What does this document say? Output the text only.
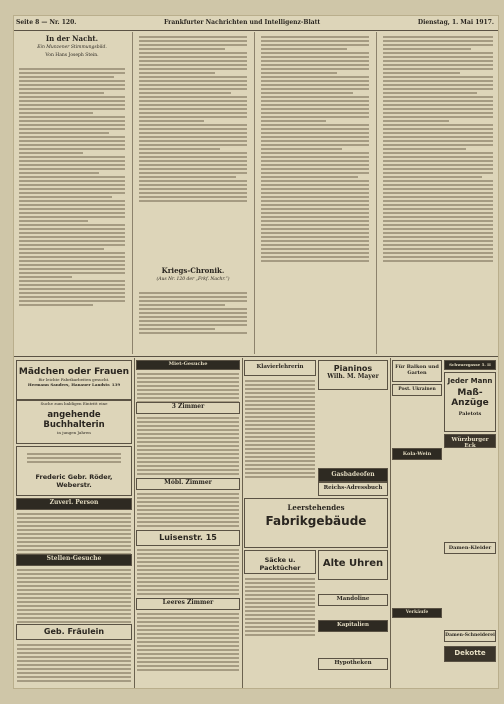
Seite 8 — Nr. 120.	Frankfurter Nachrichten und Intelligenz-Blatt	Dienstag, 1. Mai 1917.
In der Nacht.
Ein Munzener Stimmungsbild.
Von Hans Joseph Stein.
Kriegs-Chronik.
(Aus Nr. 120 der „Frkf. Nachr.“)
Mädchen oder Frauen
für leichte Fabrikarbeiten gesucht.
Hermann Sanders, Hanauer Landstr. 139
Suche zum baldigen Eintritt eine
angehende Buchhalterin
in jungen Jahren
Frederic Gebr. Röder, Weberstr.
Zuverl. Person
Stellen-Gesuche
Geb. Fräulein
Miet-Gesuche
3 Zimmer
Möbl. Zimmer
Luisenstr. 15
Leeres Zimmer
Klavierlehrerin	Pianinos
Wilh. M. Mayer
Gasbadeofen
Reichs-Adressbuch
Leerstehendes
Fabrikgebäude
Säcke u. Packtücher	Alte Uhren
Mandoline
Kapitalien
Hypotheken
Für Balkon und Garten
Schwarzgasse 5. II
Jeder Mann
Maß-Anzüge
Paletots
Post. Ukrainen
Kola-Wein
Würzburger Eck
Damen-Kleider
Verkäufe
Damen-Schneiderei
Dekotte
